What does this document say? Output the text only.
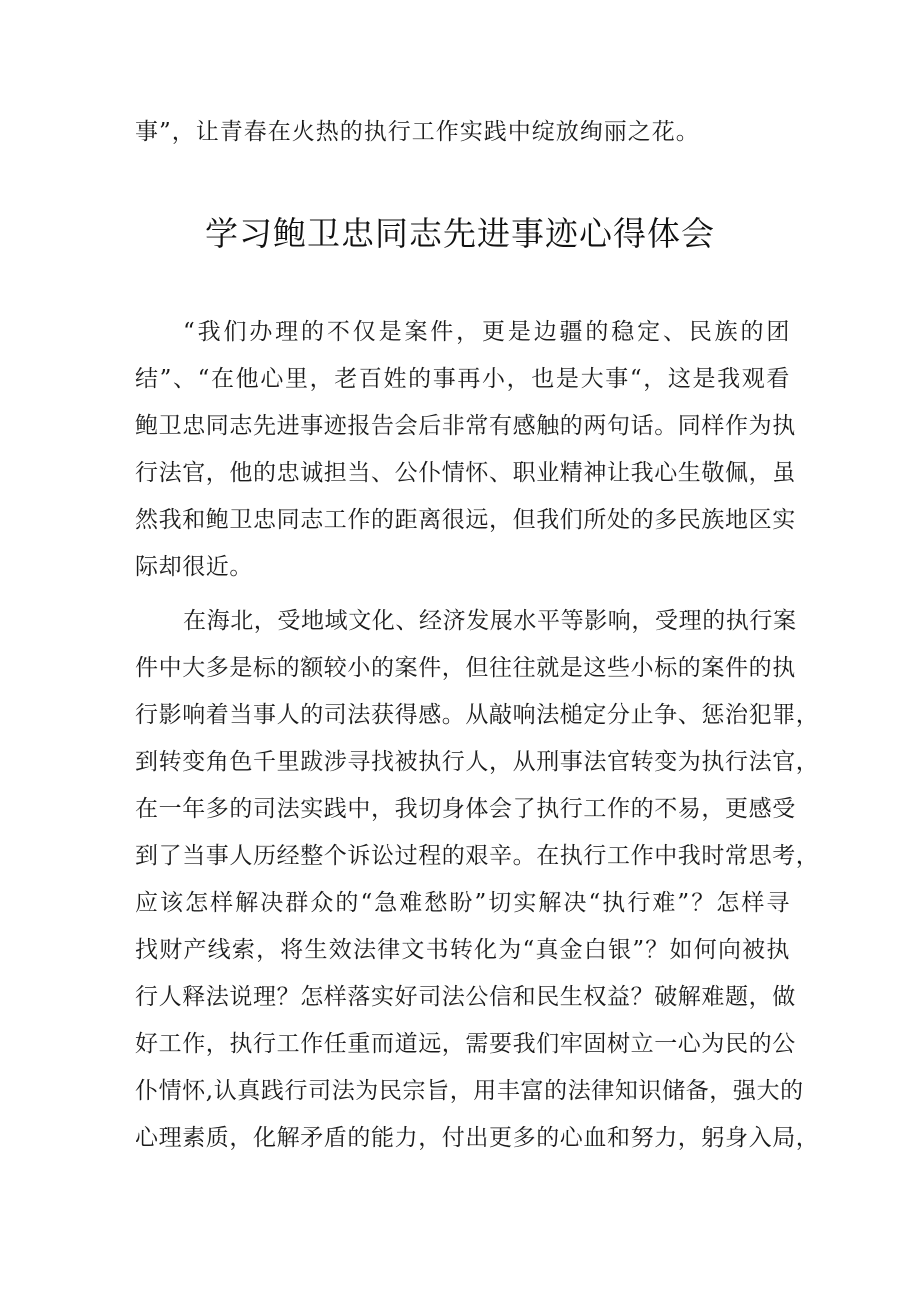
事”，让青春在火热的执行工作实践中绽放绚丽之花。
学习鲍卫忠同志先进事迹心得体会
“我们办理的不仅是案件，更是边疆的稳定、民族的团
结”、“在他心里，老百姓的事再小，也是大事“，这是我观看
鲍卫忠同志先进事迹报告会后非常有感触的两句话。同样作为执
行法官，他的忠诚担当、公仆情怀、职业精神让我心生敬佩，虽
然我和鲍卫忠同志工作的距离很远，但我们所处的多民族地区实
际却很近。
在海北，受地域文化、经济发展水平等影响，受理的执行案
件中大多是标的额较小的案件，但往往就是这些小标的案件的执
行影响着当事人的司法获得感。从敲响法槌定分止争、惩治犯罪，
到转变角色千里跋涉寻找被执行人，从刑事法官转变为执行法官，
在一年多的司法实践中，我切身体会了执行工作的不易，更感受
到了当事人历经整个诉讼过程的艰辛。在执行工作中我时常思考，
应该怎样解决群众的“急难愁盼”切实解决“执行难”？怎样寻
找财产线索，将生效法律文书转化为“真金白银”？如何向被执
行人释法说理？怎样落实好司法公信和民生权益？破解难题，做
好工作，执行工作任重而道远，需要我们牢固树立一心为民的公
仆情怀,认真践行司法为民宗旨，用丰富的法律知识储备，强大的
心理素质，化解矛盾的能力，付出更多的心血和努力，躬身入局，
